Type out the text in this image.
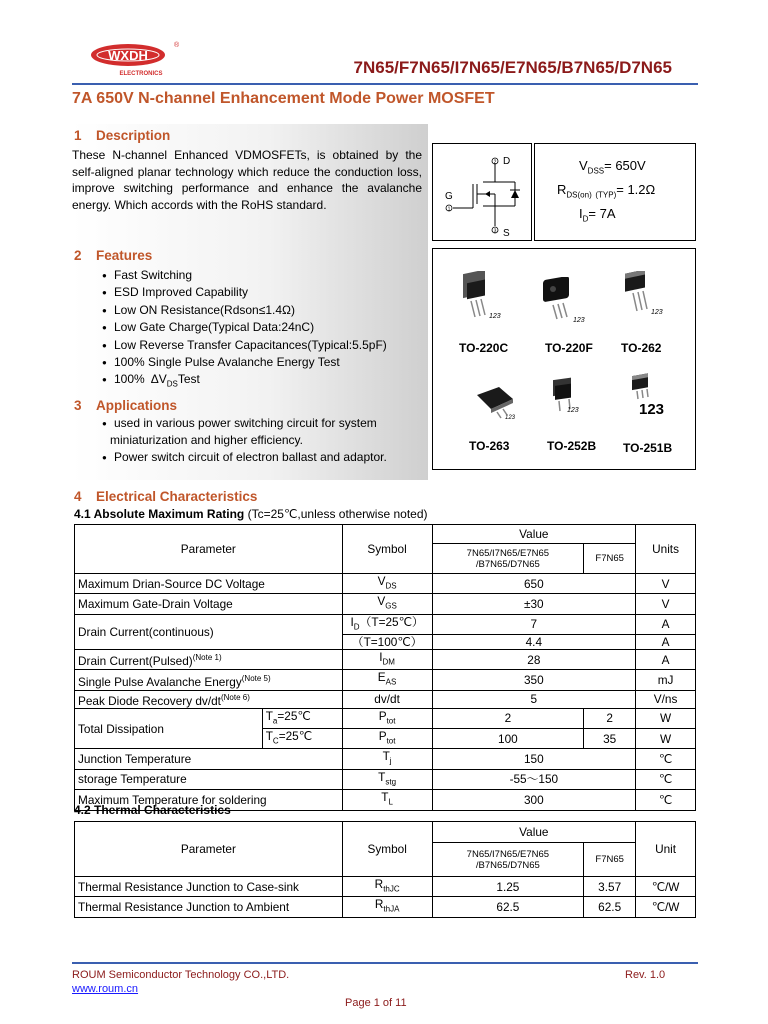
WXDH
®
ELECTRONICS	7N65/F7N65/I7N65/E7N65/B7N65/D7N65
7A 650V N-channel Enhancement Mode Power MOSFET
1 Description
These N-channel Enhanced VDMOSFETs, is obtained by the self-aligned planar technology which reduce the conduction loss, improve switching performance and enhance the avalanche energy. Which accords with the RoHS standard.
2 Features
● Fast Switching
● ESD Improved Capability
● Low ON Resistance(Rdson≤1.4Ω)
● Low Gate Charge(Typical Data:24nC)
● Low Reverse Transfer Capacitances(Typical:5.5pF)
● 100% Single Pulse Avalanche Energy Test
● 100% $\Delta V_{DS}Test$
3 Applications
● used in various power switching circuit for system
miniaturization and higher efficiency.
● Power switch circuit of electron ballast and adaptor.
2
1
3
D
G
S
$V_{DSS}= 650V$
$R_{DS(on)}$ $_{(TYP)}$= 1.2Ω
$I_D= 7A$
123
TO-220C
123
TO-220F
123
TO-262
123
TO-263
123
TO-252B
123
TO-251B
4 Electrical Characteristics
4.1 Absolute Maximum Rating (Tc=25℃,unless otherwise noted)
Parameter		Symbol	Value		Units
			7N65/I7N65/E7N65
/B7N65/D7N65	F7N65	
Maximum Drian-Source DC Voltage		$V_{DS}$	650		V
Maximum Gate-Drain Voltage		$V_{GS}$	±30		V
Drain Current(continuous)		$I_D(T=25℃)$	7		A
		（T=100℃）	4.4		A
Drain Current(Pulsed)$^{(Note 1)}$		$I_{DM}$	28		A
Single Pulse Avalanche Energy$^{(Note 5)}$		$E_{AS}$	350		mJ
Peak Diode Recovery $dv/dt^{(Note 6)}$		dv/dt	5		V/ns
Total Dissipation	$T_a=25℃$	$P_{tot}$	2	2	W
	$T_C=25℃$	$P_{tot}$	100	35	W
Junction Temperature		$T_j$	150		℃
storage Temperature		$T_{stg}$	-55～150		℃
Maximum Temperature for soldering		$T_L$	300		℃
4.2 Thermal Characteristics
Parameter	Symbol	Value		Unit
		7N65/I7N65/E7N65
/B7N65/D7N65	F7N65	
Thermal Resistance Junction to Case-sink	$R_{thJC}$	1.25	3.57	℃/W
Thermal Resistance Junction to Ambient	$R_{thJA}$	62.5	62.5	℃/W
ROUM Semiconductor Technology CO.,LTD.	Rev. 1.0
www.roum.cn
Page 1 of 11
